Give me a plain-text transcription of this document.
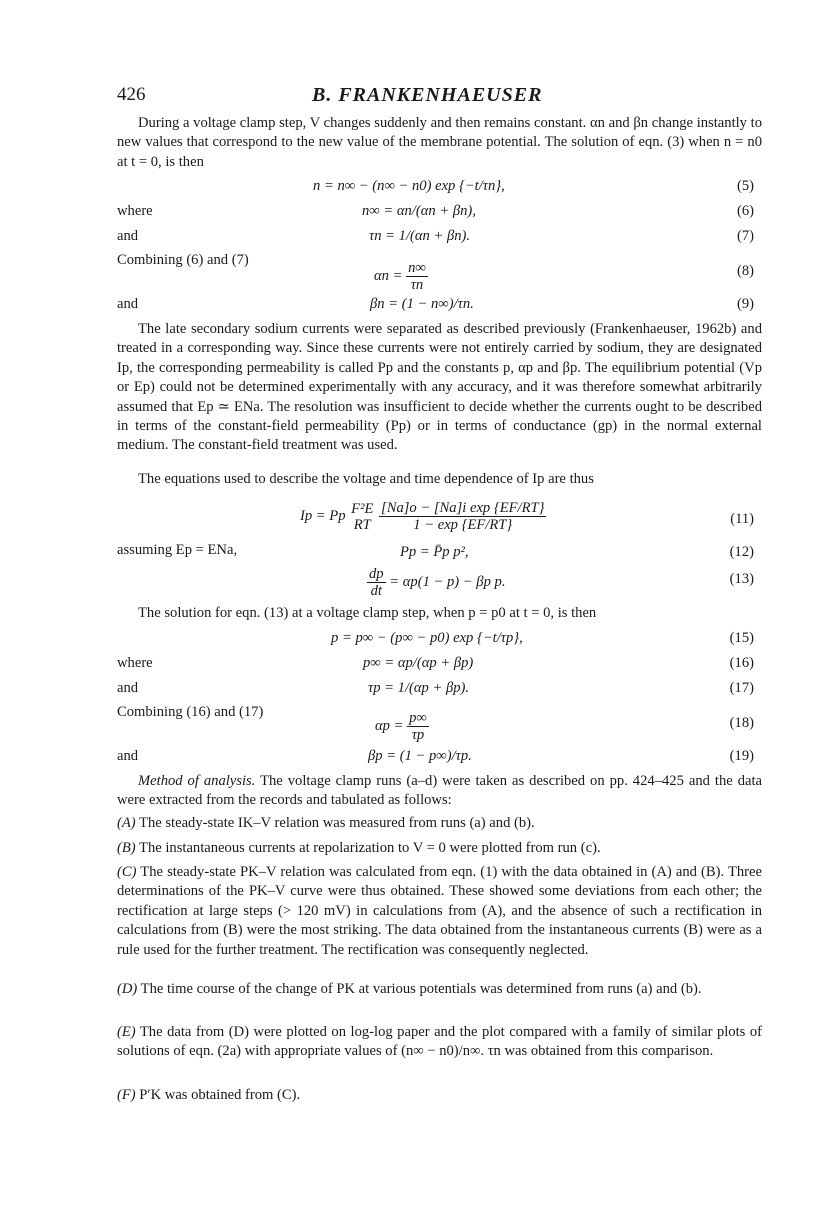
426	B. FRANKENHAEUSER
During a voltage clamp step, V changes suddenly and then remains constant. αn and βn change instantly to new values that correspond to the new value of the membrane potential. The solution of eqn. (3) when n = n0 at t = 0, is then
n = n∞ − (n∞ − n0) exp {−t/τn},	(5)
where	n∞ = αn/(αn + βn),	(6)
and	τn = 1/(αn + βn).	(7)
Combining (6) and (7)
$\alpha n = \frac{n\infty}{\tau n}$	(8)
and	βn = (1 − n∞)/τn.	(9)
The late secondary sodium currents were separated as described previously (Frankenhaeuser, 1962b) and treated in a corresponding way. Since these currents were not entirely carried by sodium, they are designated Ip, the corresponding permeability is called Pp and the constants p, αp and βp. The equilibrium potential (Vp or Ep) could not be determined experimentally with any accuracy, and it was therefore somewhat arbitrarily assumed that Ep ≃ ENa. The resolution was insufficient to decide whether the currents ought to be described in terms of the constant-field permeability (Pp) or in terms of conductance (gp) in the normal external medium. The constant-field treatment was used.
The equations used to describe the voltage and time dependence of Ip are thus
Ip = Pp F²E
RT
$\frac{\text{[Na]o − [Na]i exp \{EF/RT\}}}{1 - \exp \{EF/RT\}}$	(11)
assuming Ep = ENa,	Pp = P̄p p²,	(12)
$\frac{dp}{dt} = \alpha p(1 - p) - \beta p$ p.	(13)
The solution for eqn. (13) at a voltage clamp step, when p = p0 at t = 0, is then
p = p∞ − (p∞ − p0) exp {−t/τp},	(15)
where	p∞ = αp/(αp + βp)	(16)
and	τp = 1/(αp + βp).	(17)
Combining (16) and (17)
$\alpha p = \frac{p\infty}{\tau p}$	(18)
and	βp = (1 − p∞)/τp.	(19)
Method of analysis. The voltage clamp runs (a–d) were taken as described on pp. 424–425 and the data were extracted from the records and tabulated as follows:
(A) The steady-state IK–V relation was measured from runs (a) and (b).
(B) The instantaneous currents at repolarization to V = 0 were plotted from run (c).
(C) The steady-state PK–V relation was calculated from eqn. (1) with the data obtained in (A) and (B). Three determinations of the PK–V curve were thus obtained. These showed some deviations from each other; the rectification at large steps (> 120 mV) in calculations from (A), and the absence of such a rectification in calculations from (B) were the most striking. The data obtained from the instantaneous currents (B) were as a rule used for the further treatment. The rectification was consequently neglected.
(D) The time course of the change of PK at various potentials was determined from runs (a) and (b).
(E) The data from (D) were plotted on log-log paper and the plot compared with a family of similar plots of solutions of eqn. (2a) with appropriate values of (n∞ − n0)/n∞. τn was obtained from this comparison.
(F) P′K was obtained from (C).
